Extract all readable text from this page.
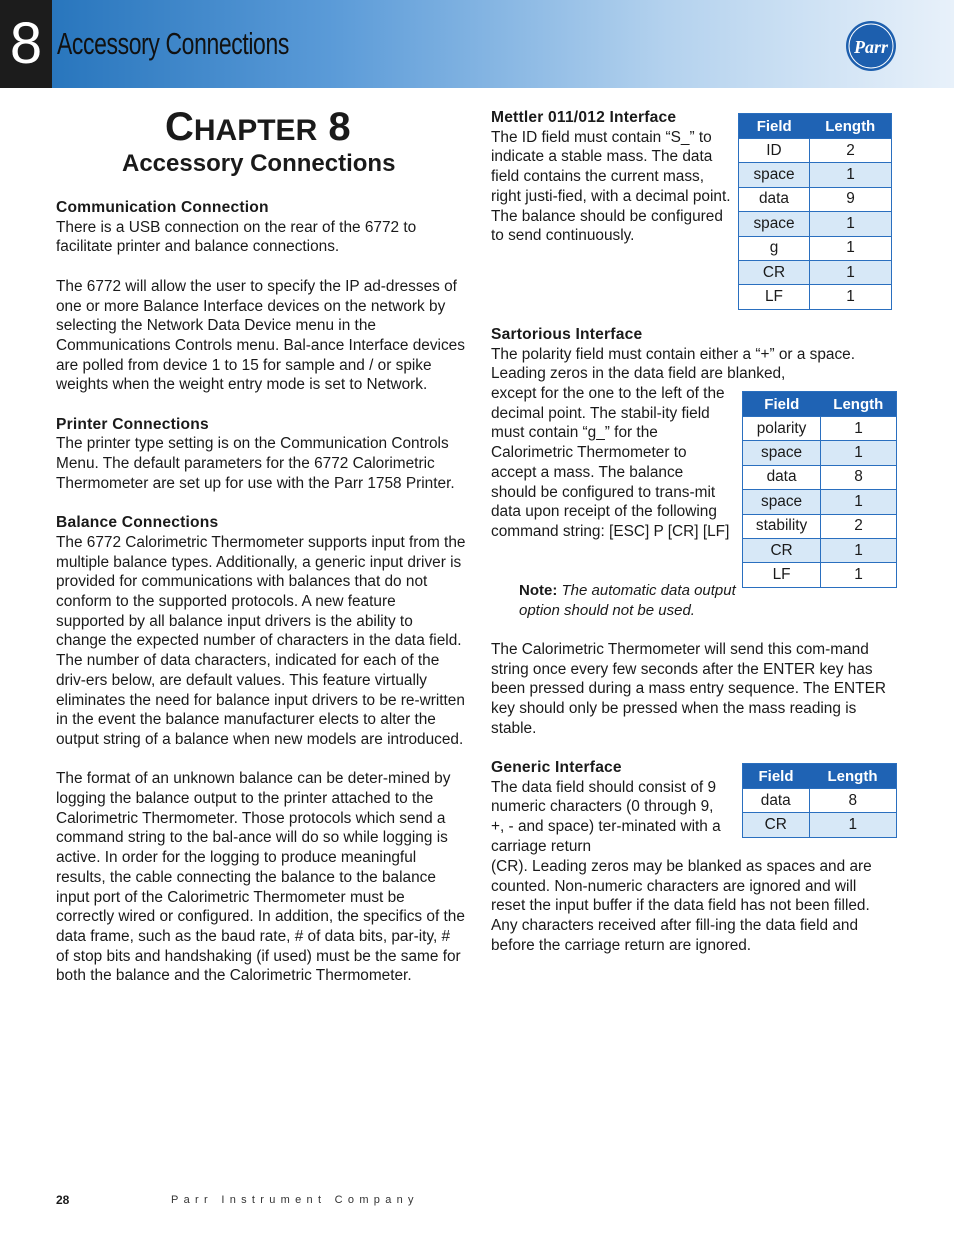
8 Accessory Connections	Parr
CHAPTER 8
Accessory Connections

Communication Connection

There is a USB connection on the rear of the 6772 to facilitate printer and balance connections.

The 6772 will allow the user to specify the IP ad-dresses of one or more Balance Interface devices on the network by selecting the Network Data Device menu in the Communications Controls menu. Bal-ance Interface devices are polled from device 1 to 15 for sample and / or spike weights when the weight entry mode is set to Network.

Printer Connections

The printer type setting is on the Communication Controls Menu. The default parameters for the 6772 Calorimetric Thermometer are set up for use with the Parr 1758 Printer.

Balance Connections

The 6772 Calorimetric Thermometer supports input from the multiple balance types. Additionally, a generic input driver is provided for communications with balances that do not conform to the supported protocols. A new feature supported by all balance input drivers is the ability to change the expected number of characters in the data field. The number of data characters, indicated for each of the driv-ers below, are default values. This feature virtually eliminates the need for balance input drivers to be re-written in the event the balance manufacturer elects to alter the output string of a balance when new models are introduced.

The format of an unknown balance can be deter-mined by logging the balance output to the printer attached to the Calorimetric Thermometer. Those protocols which send a command string to the bal-ance will do so while logging is active. In order for the logging to produce meaningful results, the cable connecting the balance to the balance input port of the Calorimetric Thermometer must be correctly wired or configured. In addition, the specifics of the data frame, such as the baud rate, # of data bits, par-ity, # of stop bits and handshaking (if used) must be the same for both the balance and the Calorimetric Thermometer.

Mettler 011/012 Interface

The ID field must contain “S_” to indicate a stable mass. The data field contains the current mass, right justi-fied, with a decimal point. The balance should be configured to send continuously.

Field	Length
ID	2
space	1
data	9
space	1
g	1
CR	1
LF	1

Sartorious Interface

The polarity field must contain either a “+” or a space. Leading zeros in the data field are blanked,

except for the one to the left of the decimal point. The stabil-ity field must contain “g_” for the Calorimetric Thermometer to accept a mass. The balance should be configured to trans-mit data upon receipt of the following command string: [ESC] P [CR] [LF]

Note: The automatic data output option should not be used.

The Calorimetric Thermometer will send this com-mand string once every few seconds after the ENTER key has been pressed during a mass entry sequence. The ENTER key should only be pressed when the mass reading is stable.

Field	Length
polarity	1
space	1
data	8
space	1
stability	2
CR	1
LF	1

Generic Interface

The data field should consist of 9 numeric characters (0 through 9, +, - and space) ter-minated with a carriage return

(CR). Leading zeros may be blanked as spaces and are counted. Non-numeric characters are ignored and will reset the input buffer if the data field has not been filled. Any characters received after fill-ing the data field and before the carriage return are ignored.

Field	Length
data	8
CR	1
28	Parr Instrument Company
